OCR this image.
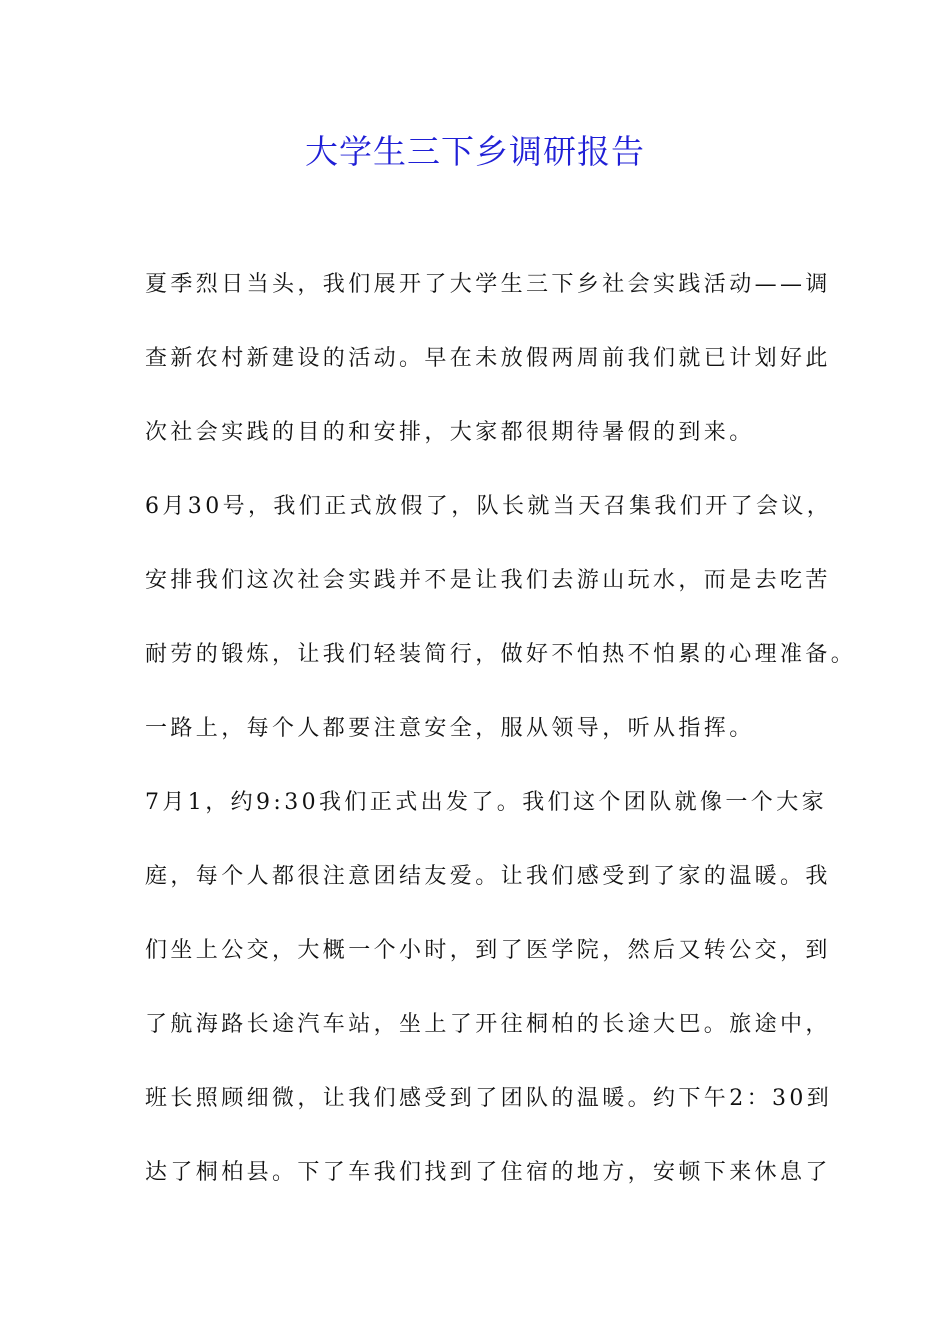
大学生三下乡调研报告
夏季烈日当头，我们展开了大学生三下乡社会实践活动——调
查新农村新建设的活动。早在未放假两周前我们就已计划好此
次社会实践的目的和安排，大家都很期待暑假的到来。
6月30号，我们正式放假了，队长就当天召集我们开了会议，
安排我们这次社会实践并不是让我们去游山玩水，而是去吃苦
耐劳的锻炼，让我们轻装简行，做好不怕热不怕累的心理准备。
一路上，每个人都要注意安全，服从领导，听从指挥。
7月1，约9:30我们正式出发了。我们这个团队就像一个大家
庭，每个人都很注意团结友爱。让我们感受到了家的温暖。我
们坐上公交，大概一个小时，到了医学院，然后又转公交，到
了航海路长途汽车站，坐上了开往桐柏的长途大巴。旅途中，
班长照顾细微，让我们感受到了团队的温暖。约下午2：30到
达了桐柏县。下了车我们找到了住宿的地方，安顿下来休息了
